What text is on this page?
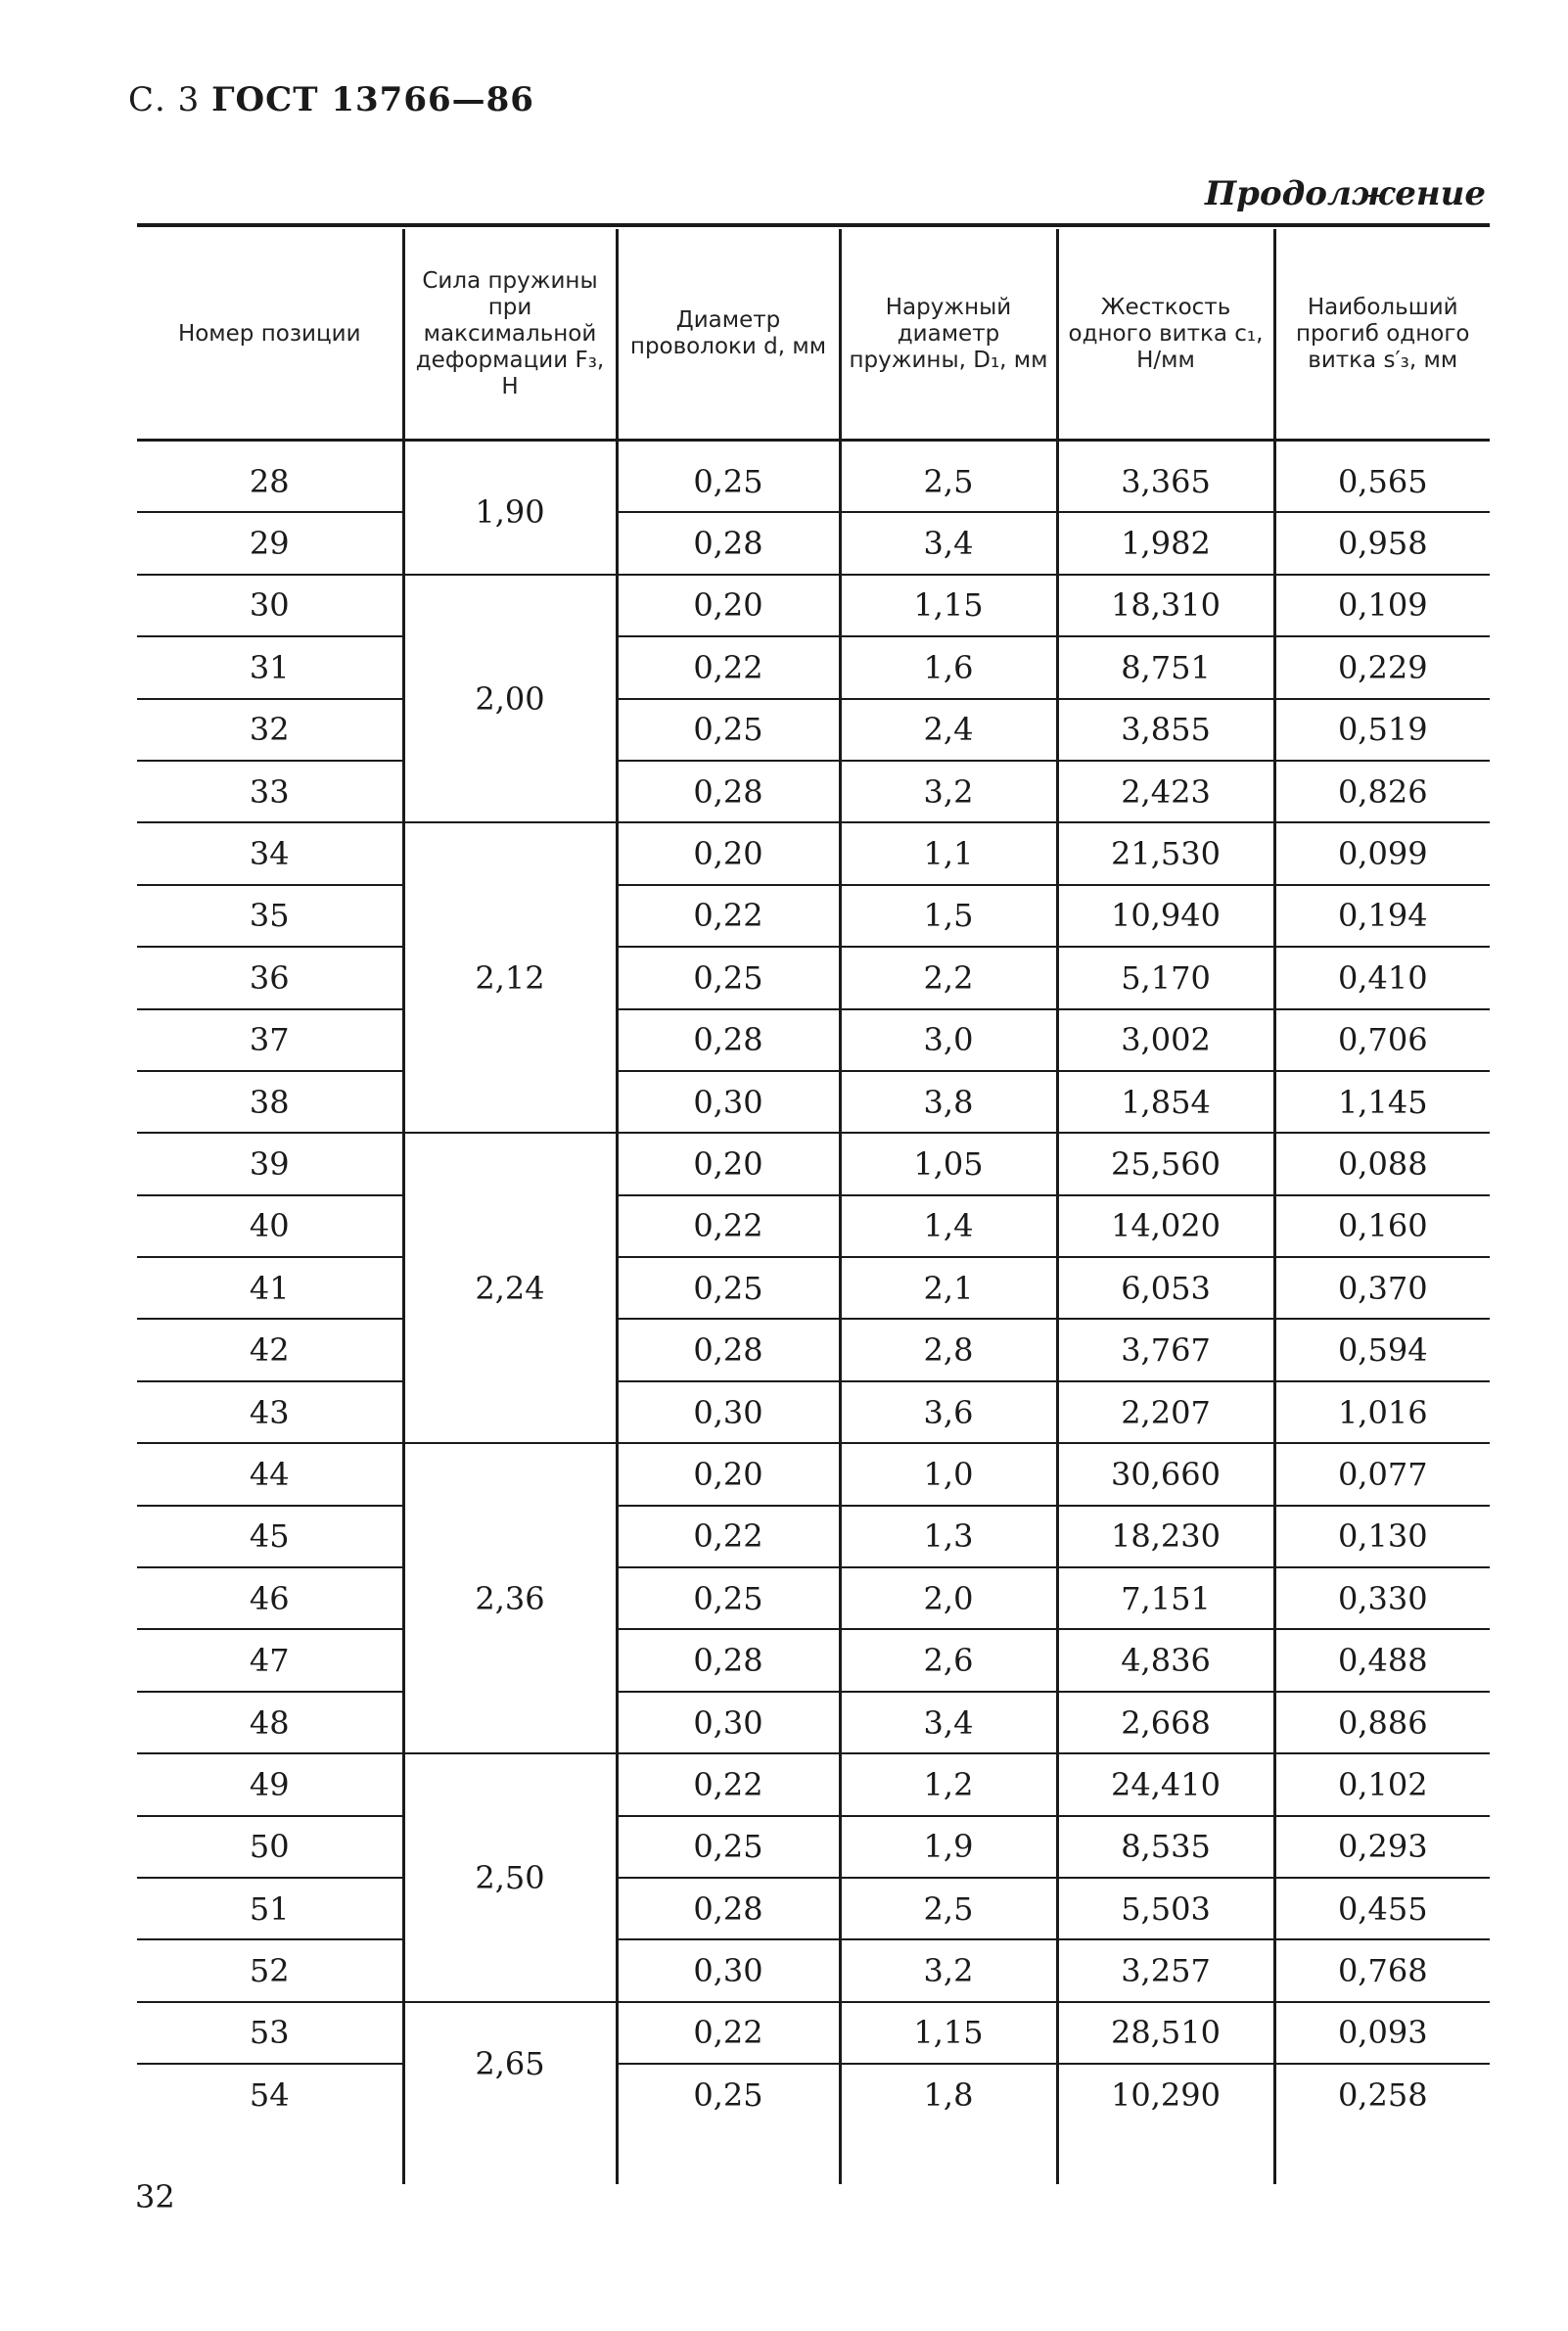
С. 3 ГОСТ 13766—86
Продолжение
Номер позиции	Сила пружины при максимальной деформации F₃, Н	Диаметр проволоки d, мм	Наружный диаметр пружины, D₁, мм	Жесткость одного витка c₁, Н/мм	Наибольший прогиб одного витка s′₃, мм

28	1,90	0,25	2,5	3,365	0,565
29		0,28	3,4	1,982	0,958
30	2,00	0,20	1,15	18,310	0,109
31		0,22	1,6	8,751	0,229
32		0,25	2,4	3,855	0,519
33		0,28	3,2	2,423	0,826
34	2,12	0,20	1,1	21,530	0,099
35		0,22	1,5	10,940	0,194
36		0,25	2,2	5,170	0,410
37		0,28	3,0	3,002	0,706
38		0,30	3,8	1,854	1,145
39	2,24	0,20	1,05	25,560	0,088
40		0,22	1,4	14,020	0,160
41		0,25	2,1	6,053	0,370
42		0,28	2,8	3,767	0,594
43		0,30	3,6	2,207	1,016
44	2,36	0,20	1,0	30,660	0,077
45		0,22	1,3	18,230	0,130
46		0,25	2,0	7,151	0,330
47		0,28	2,6	4,836	0,488
48		0,30	3,4	2,668	0,886
49	2,50	0,22	1,2	24,410	0,102
50		0,25	1,9	8,535	0,293
51		0,28	2,5	5,503	0,455
52		0,30	3,2	3,257	0,768
53	2,65	0,22	1,15	28,510	0,093
54		0,25	1,8	10,290	0,258

32
